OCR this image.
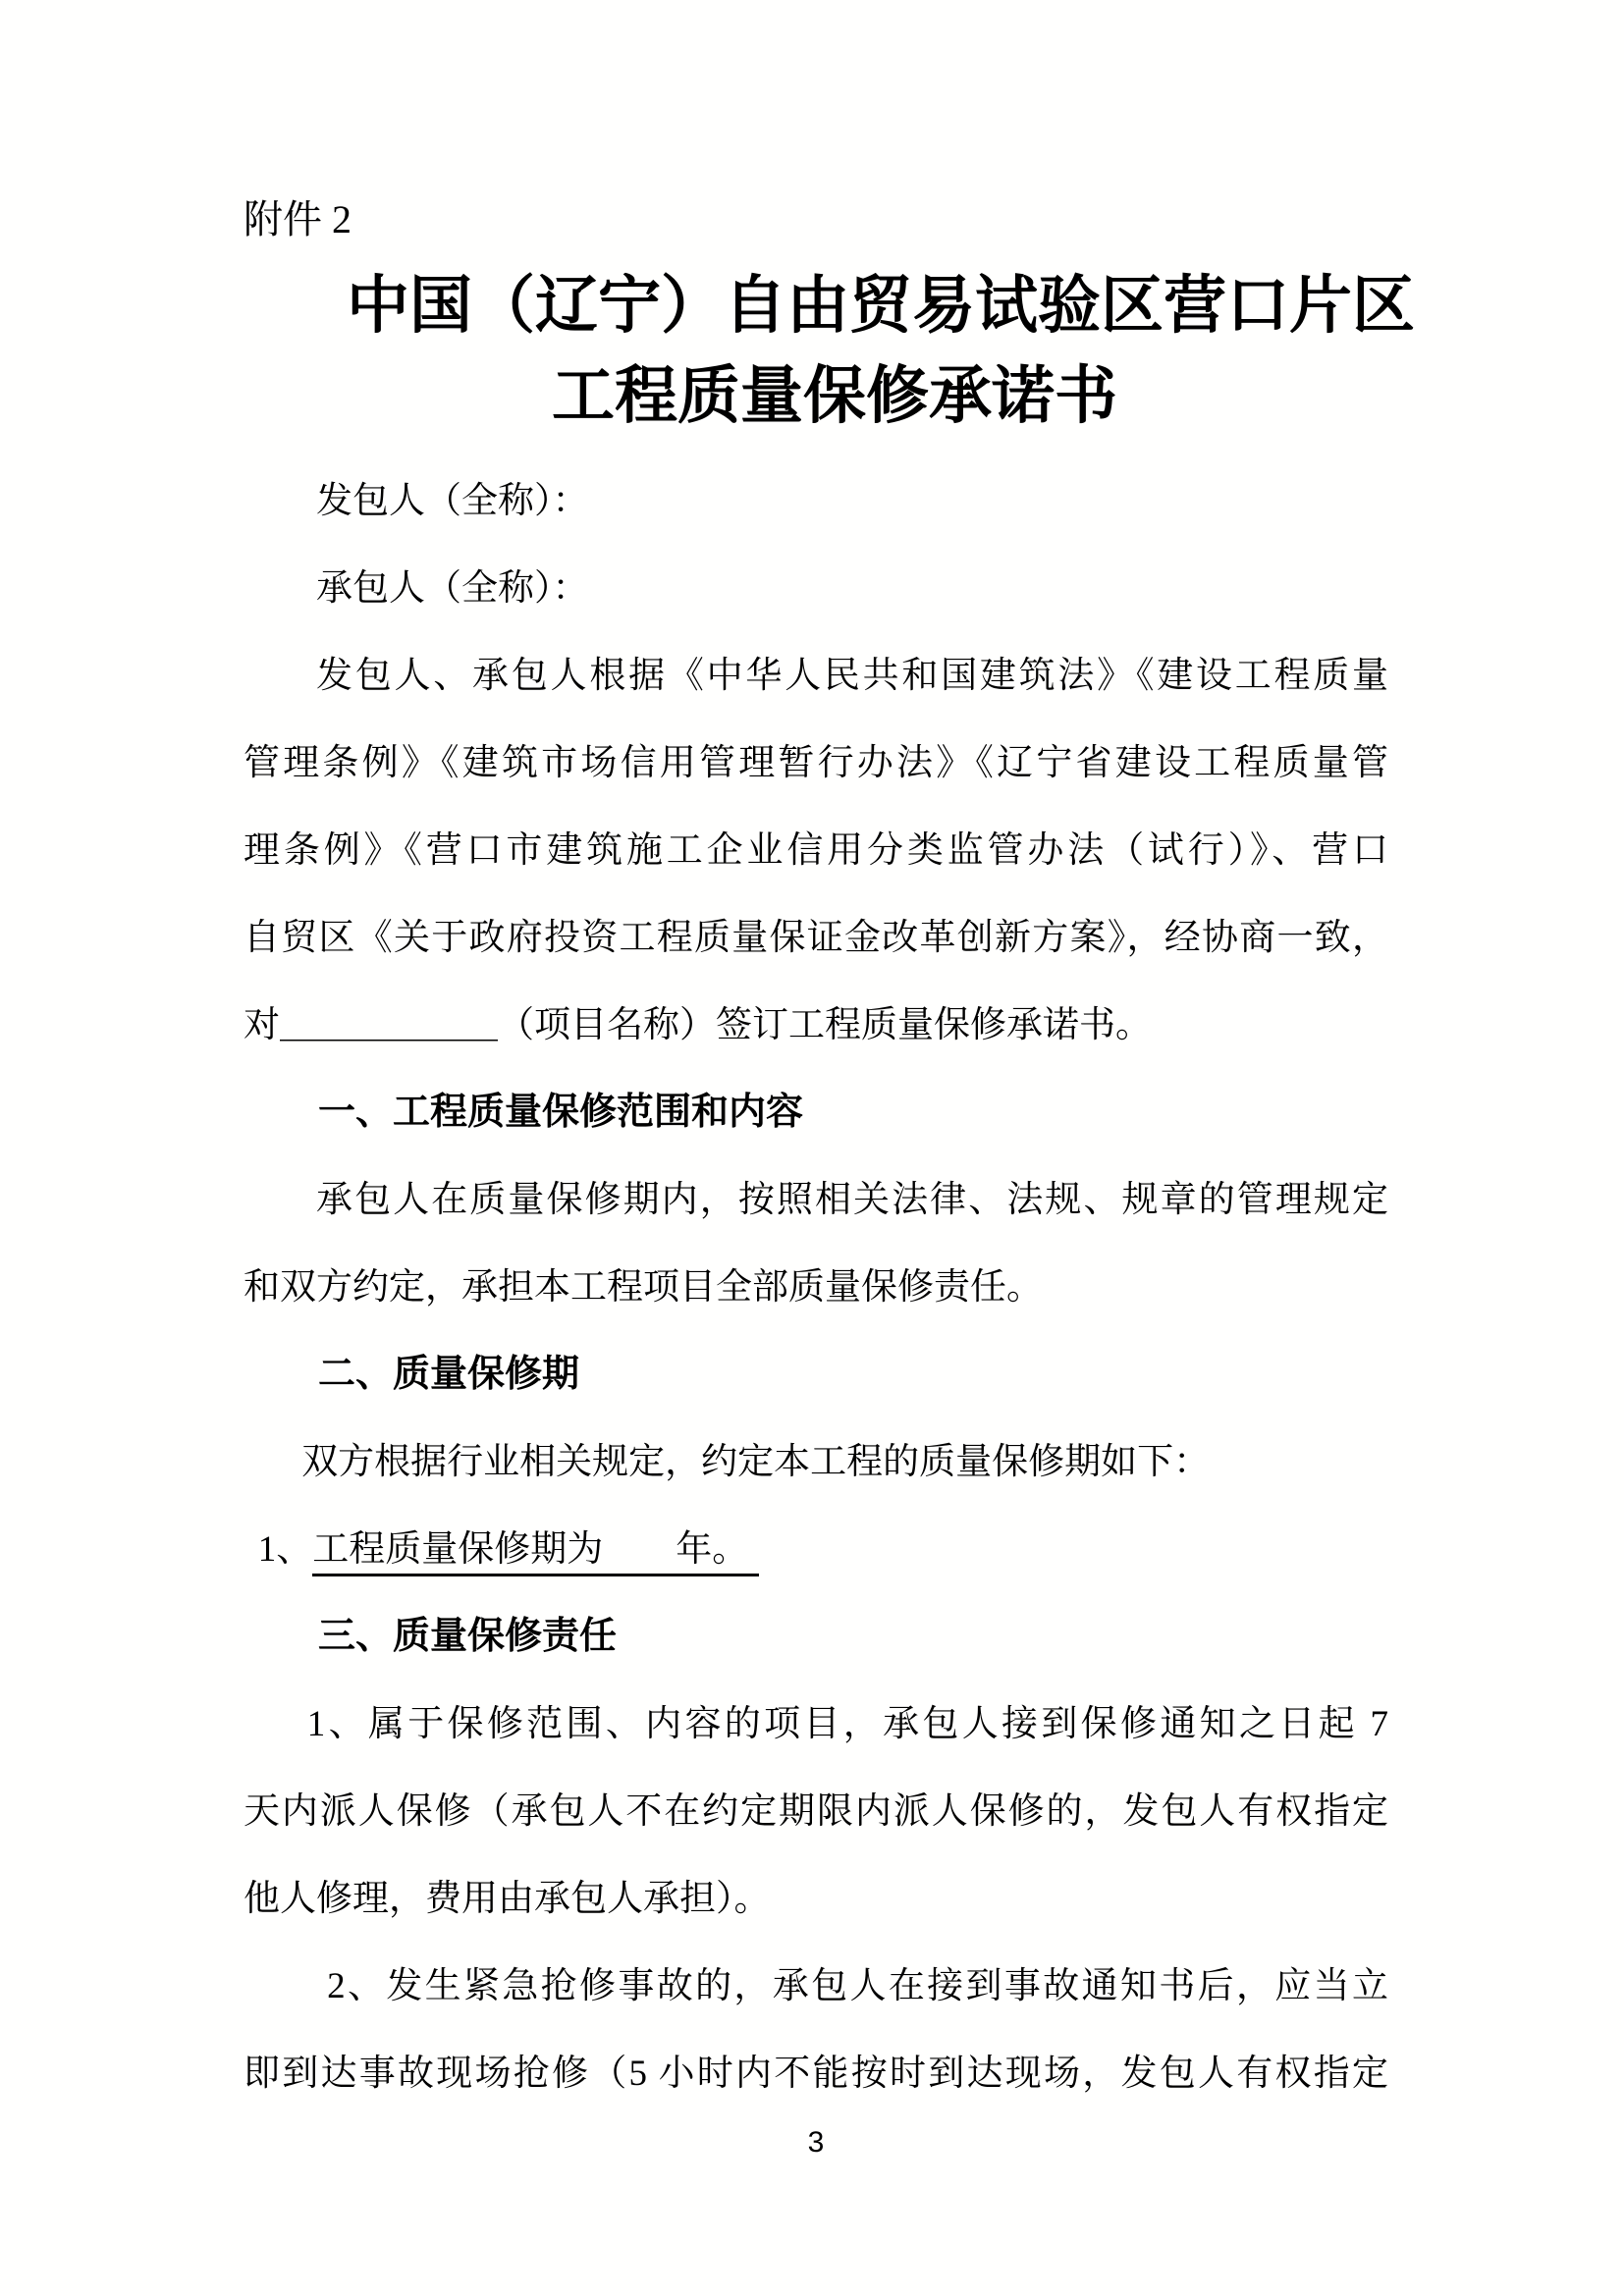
附件 2
中国（辽宁）自由贸易试验区营口片区
工程质量保修承诺书
发包人（全称）：
承包人（全称）：
发包人、承包人根据《中华人民共和国建筑法》《建设工程质量
管理条例》《建筑市场信用管理暂行办法》《辽宁省建设工程质量管
理条例》《营口市建筑施工企业信用分类监管办法（试行）》、营口
自贸区《关于政府投资工程质量保证金改革创新方案》，经协商一致，
对＿＿＿＿＿＿（项目名称）签订工程质量保修承诺书。
一、工程质量保修范围和内容
承包人在质量保修期内，按照相关法律、法规、规章的管理规定
和双方约定，承担本工程项目全部质量保修责任。
二、质量保修期
双方根据行业相关规定，约定本工程的质量保修期如下：
1、工程质量保修期为　　年。
三、质量保修责任
1、属于保修范围、内容的项目，承包人接到保修通知之日起 7
天内派人保修（承包人不在约定期限内派人保修的，发包人有权指定
他人修理，费用由承包人承担）。
2、发生紧急抢修事故的，承包人在接到事故通知书后，应当立
即到达事故现场抢修（5 小时内不能按时到达现场，发包人有权指定
3
